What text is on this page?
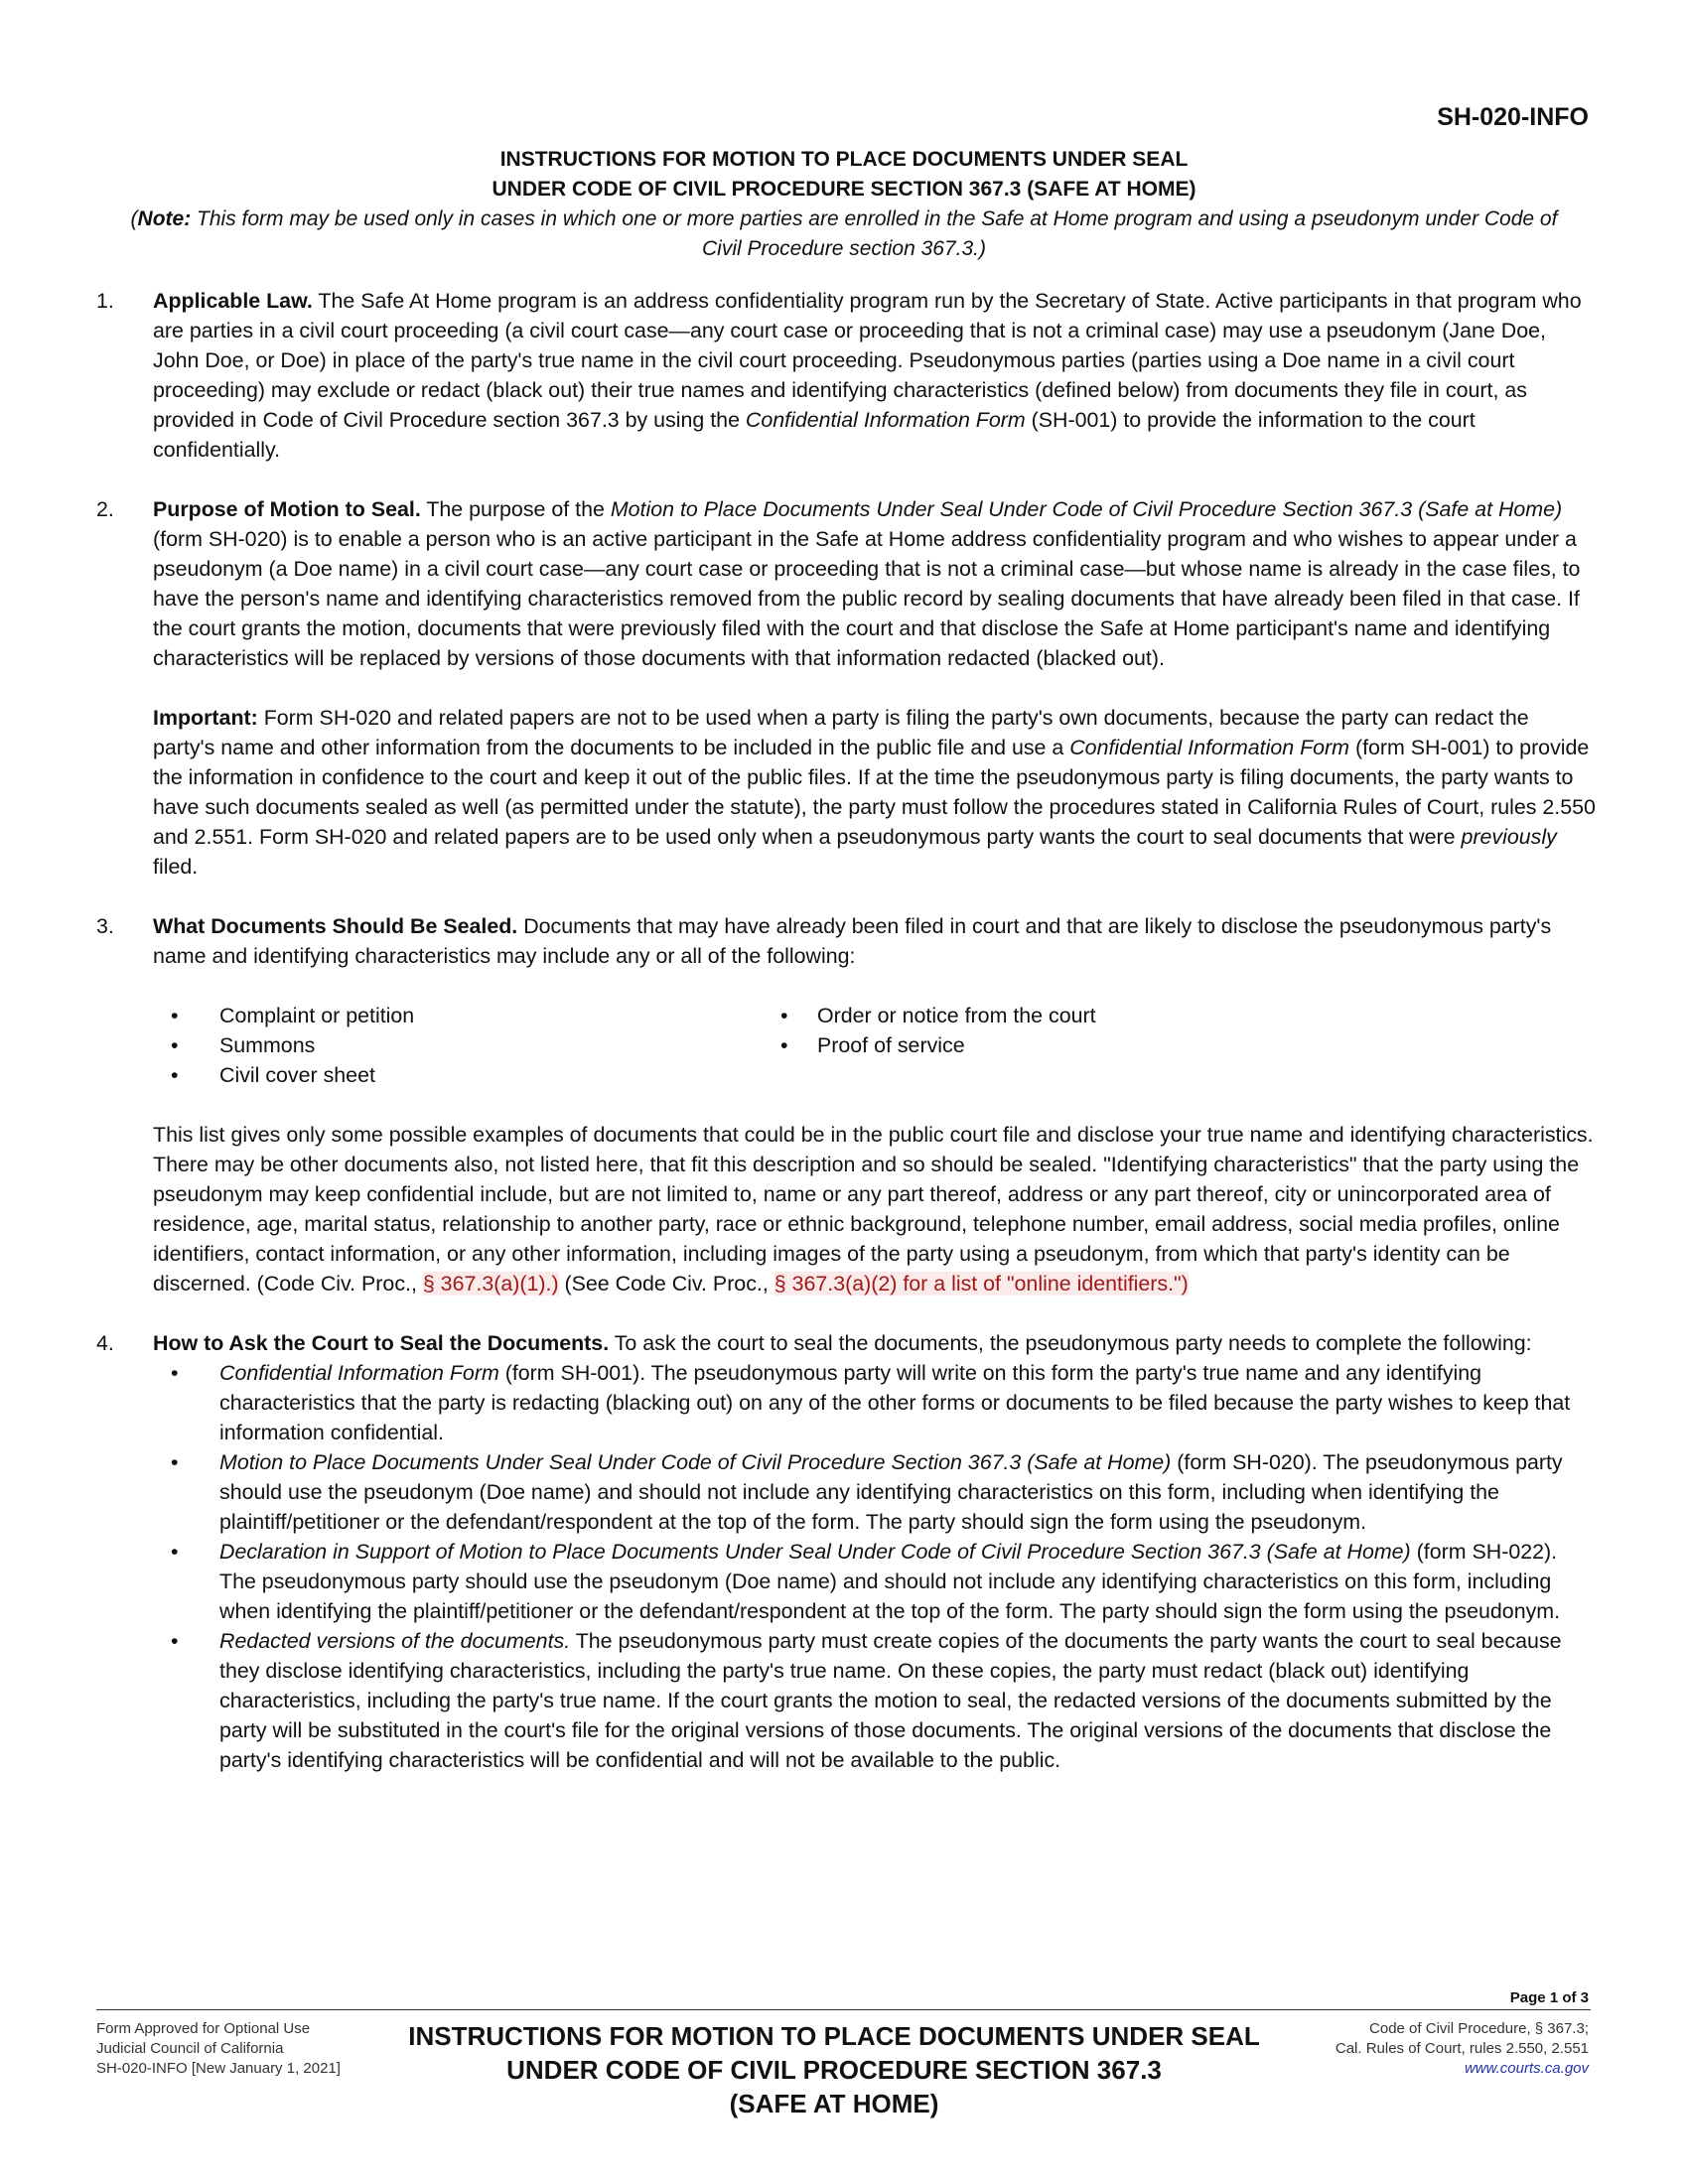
SH-020-INFO
INSTRUCTIONS FOR MOTION TO PLACE DOCUMENTS UNDER SEAL
UNDER CODE OF CIVIL PROCEDURE SECTION 367.3 (SAFE AT HOME)
(Note: This form may be used only in cases in which one or more parties are enrolled in the Safe at Home program and using a pseudonym under Code of Civil Procedure section 367.3.)
1.	Applicable Law. The Safe At Home program is an address confidentiality program run by the Secretary of State. Active participants in that program who are parties in a civil court proceeding (a civil court case—any court case or proceeding that is not a criminal case) may use a pseudonym (Jane Doe, John Doe, or Doe) in place of the party's true name in the civil court proceeding. Pseudonymous parties (parties using a Doe name in a civil court proceeding) may exclude or redact (black out) their true names and identifying characteristics (defined below) from documents they file in court, as provided in Code of Civil Procedure section 367.3 by using the Confidential Information Form (SH-001) to provide the information to the court confidentially.

2.	Purpose of Motion to Seal. The purpose of the Motion to Place Documents Under Seal Under Code of Civil Procedure Section 367.3 (Safe at Home) (form SH-020) is to enable a person who is an active participant in the Safe at Home address confidentiality program and who wishes to appear under a pseudonym (a Doe name) in a civil court case—any court case or proceeding that is not a criminal case—but whose name is already in the case files, to have the person's name and identifying characteristics removed from the public record by sealing documents that have already been filed in that case. If the court grants the motion, documents that were previously filed with the court and that disclose the Safe at Home participant's name and identifying characteristics will be replaced by versions of those documents with that information redacted (blacked out).

Important: Form SH-020 and related papers are not to be used when a party is filing the party's own documents, because the party can redact the party's name and other information from the documents to be included in the public file and use a Confidential Information Form (form SH-001) to provide the information in confidence to the court and keep it out of the public files. If at the time the pseudonymous party is filing documents, the party wants to have such documents sealed as well (as permitted under the statute), the party must follow the procedures stated in California Rules of Court, rules 2.550 and 2.551. Form SH-020 and related papers are to be used only when a pseudonymous party wants the court to seal documents that were previously filed.

3.	What Documents Should Be Sealed. Documents that may have already been filed in court and that are likely to disclose the pseudonymous party's name and identifying characteristics may include any or all of the following:

• Complaint or petition
• Summons
• Civil cover sheet
• Order or notice from the court
• Proof of service

This list gives only some possible examples of documents that could be in the public court file and disclose your true name and identifying characteristics. There may be other documents also, not listed here, that fit this description and so should be sealed. "Identifying characteristics" that the party using the pseudonym may keep confidential include, but are not limited to, name or any part thereof, address or any part thereof, city or unincorporated area of residence, age, marital status, relationship to another party, race or ethnic background, telephone number, email address, social media profiles, online identifiers, contact information, or any other information, including images of the party using a pseudonym, from which that party's identity can be discerned. (Code Civ. Proc., § 367.3(a)(1).) (See Code Civ. Proc., § 367.3(a)(2) for a list of "online identifiers.")

4.	How to Ask the Court to Seal the Documents. To ask the court to seal the documents, the pseudonymous party needs to complete the following:

• Confidential Information Form (form SH-001). The pseudonymous party will write on this form the party's true name and any identifying characteristics that the party is redacting (blacking out) on any of the other forms or documents to be filed because the party wishes to keep that information confidential.
• Motion to Place Documents Under Seal Under Code of Civil Procedure Section 367.3 (Safe at Home) (form SH-020). The pseudonymous party should use the pseudonym (Doe name) and should not include any identifying characteristics on this form, including when identifying the plaintiff/petitioner or the defendant/respondent at the top of the form. The party should sign the form using the pseudonym.
• Declaration in Support of Motion to Place Documents Under Seal Under Code of Civil Procedure Section 367.3 (Safe at Home) (form SH-022). The pseudonymous party should use the pseudonym (Doe name) and should not include any identifying characteristics on this form, including when identifying the plaintiff/petitioner or the defendant/respondent at the top of the form. The party should sign the form using the pseudonym.
• Redacted versions of the documents. The pseudonymous party must create copies of the documents the party wants the court to seal because they disclose identifying characteristics, including the party's true name. On these copies, the party must redact (black out) identifying characteristics, including the party's true name. If the court grants the motion to seal, the redacted versions of the documents submitted by the party will be substituted in the court's file for the original versions of those documents. The original versions of the documents that disclose the party's identifying characteristics will be confidential and will not be available to the public.
Page 1 of 3
Form Approved for Optional Use
Judicial Council of California
SH-020-INFO [New January 1, 2021]
INSTRUCTIONS FOR MOTION TO PLACE DOCUMENTS UNDER SEAL
UNDER CODE OF CIVIL PROCEDURE SECTION 367.3
(SAFE AT HOME)
Code of Civil Procedure, § 367.3;
Cal. Rules of Court, rules 2.550, 2.551
www.courts.ca.gov
